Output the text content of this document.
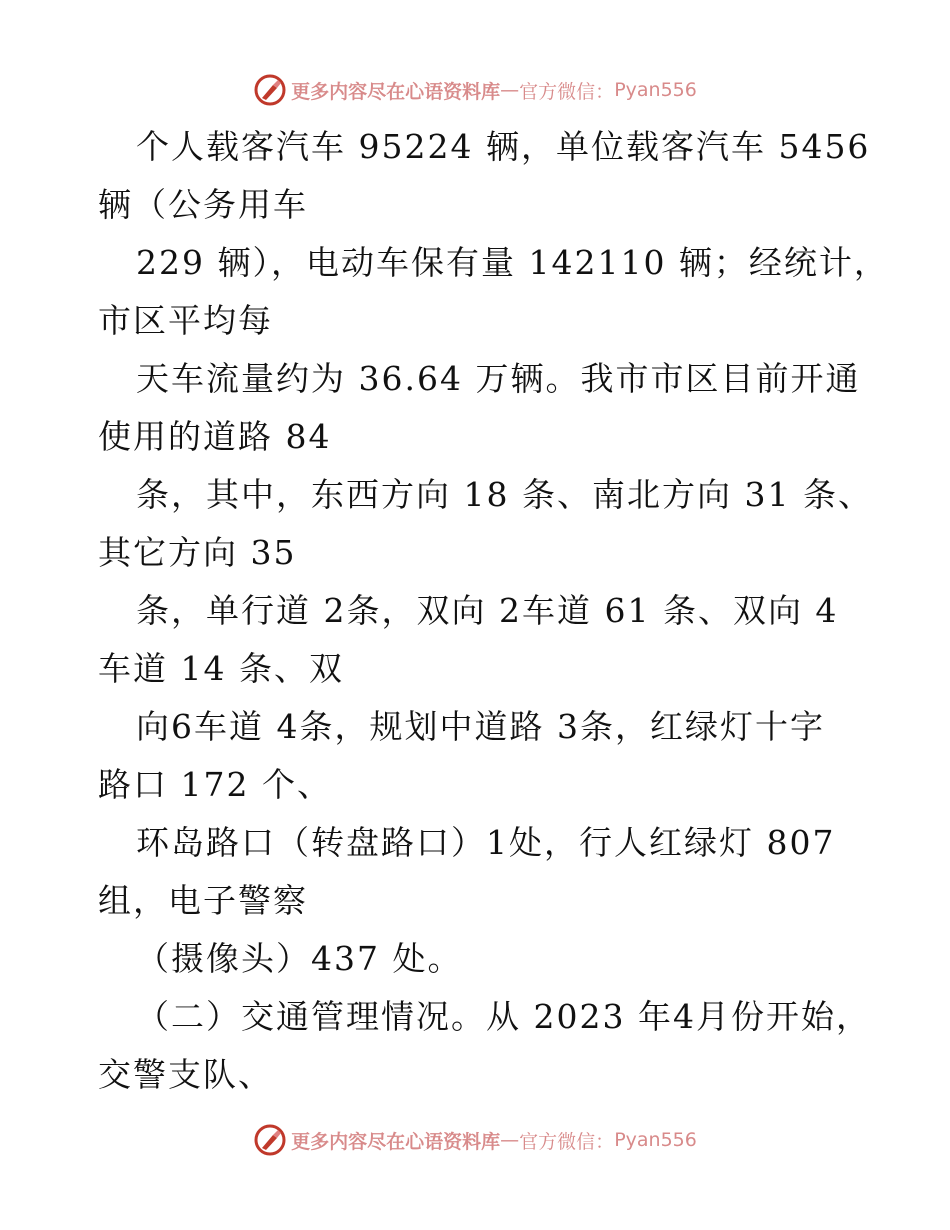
更多内容尽在心语资料库 — 官方微信： Pyan556
个人载客汽车 95224 辆，单位载客汽车 5456
辆（公务用车
229 辆），电动车保有量 142110 辆；经统计，
市区平均每
天车流量约为 36.64 万辆。我市市区目前开通
使用的道路 84
条，其中，东西方向 18 条、南北方向 31 条、
其它方向 35
条，单行道 2条，双向 2车道 61 条、双向 4
车道 14 条、双
向6车道 4条，规划中道路 3条，红绿灯十字
路口 172 个、
环岛路口（转盘路口）1处，行人红绿灯 807
组，电子警察
（摄像头）437 处。
（二）交通管理情况。从 2023 年4月份开始，
交警支队、
更多内容尽在心语资料库 — 官方微信： Pyan556
